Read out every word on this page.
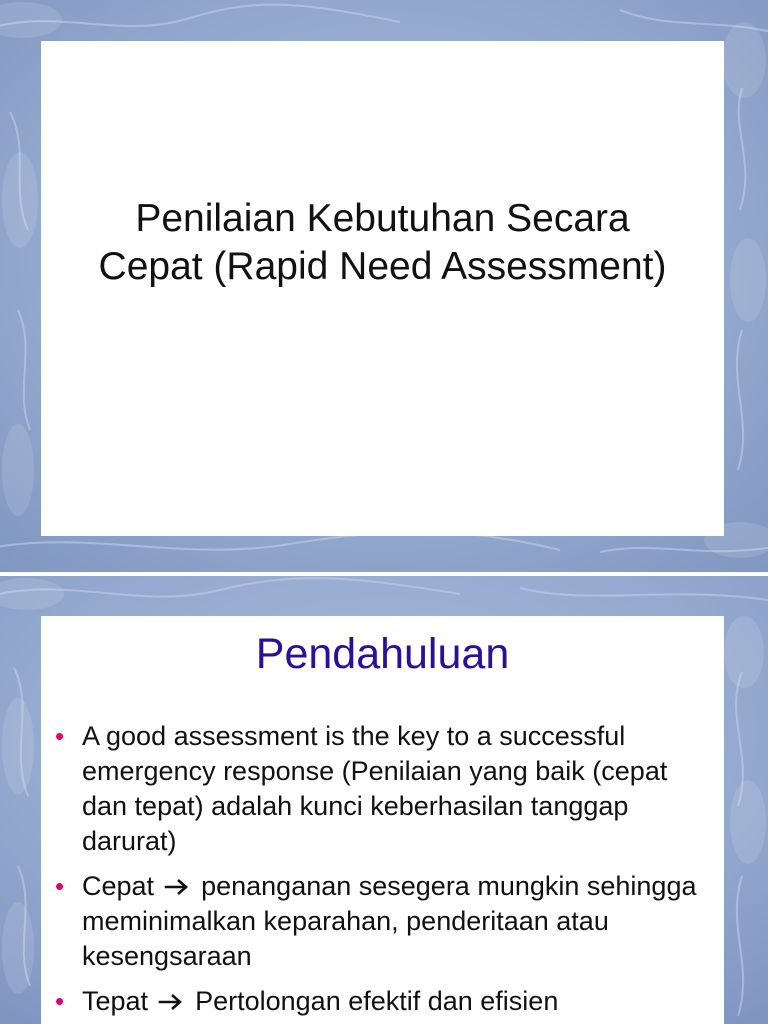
Penilaian Kebutuhan Secara
Cepat (Rapid Need Assessment)
Pendahuluan
• A good assessment is the key to a successful emergency response (Penilaian yang baik (cepat dan tepat) adalah kunci keberhasilan tanggap darurat)
• Cepat penanganan sesegera mungkin sehingga meminimalkan keparahan, penderitaan atau kesengsaraan
• Tepat Pertolongan efektif dan efisien
